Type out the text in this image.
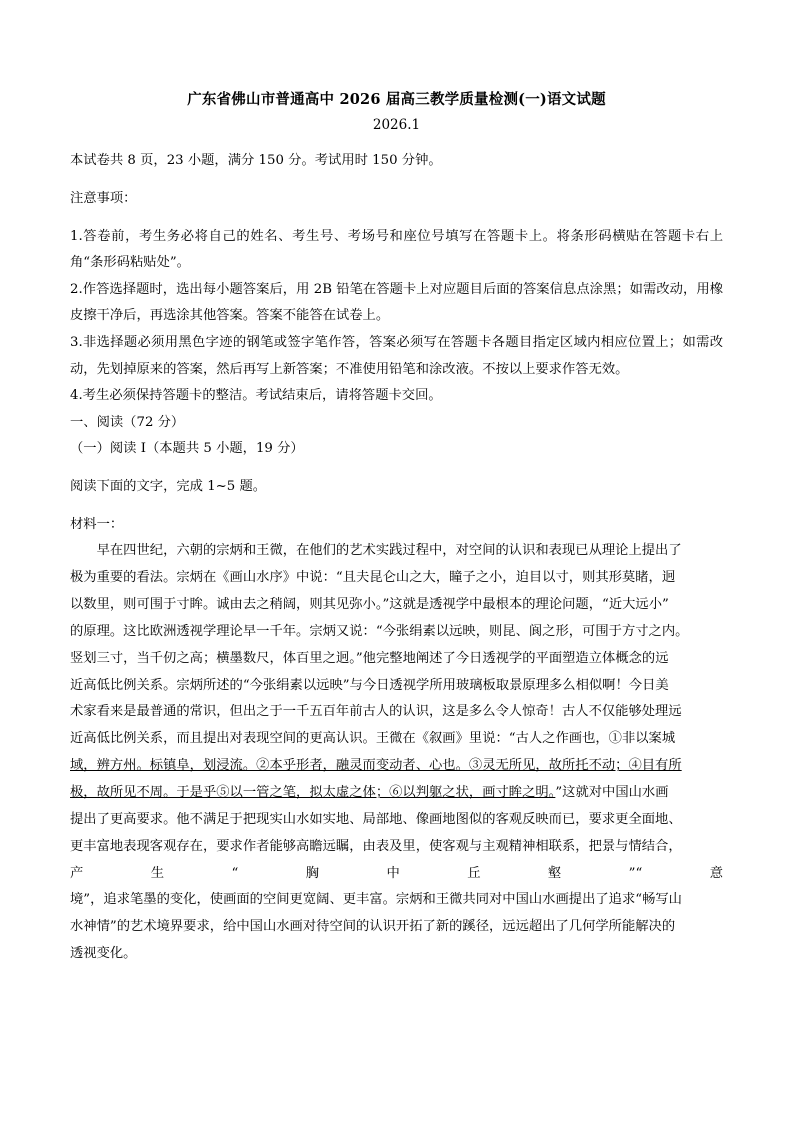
广东省佛山市普通高中 2026 届高三教学质量检测(一)语文试题
2026.1

本试卷共 8 页，23 小题，满分 150 分。考试用时 150 分钟。

注意事项：

1.答卷前，考生务必将自己的姓名、考生号、考场号和座位号填写在答题卡上。将条形码横贴在答题卡右上角“条形码粘贴处”。

2.作答选择题时，选出每小题答案后，用 2B 铅笔在答题卡上对应题目后面的答案信息点涂黑；如需改动，用橡皮擦干净后，再选涂其他答案。答案不能答在试卷上。

3.非选择题必须用黑色字迹的钢笔或签字笔作答，答案必须写在答题卡各题目指定区域内相应位置上；如需改动，先划掉原来的答案，然后再写上新答案；不准使用铅笔和涂改液。不按以上要求作答无效。

4.考生必须保持答题卡的整洁。考试结束后，请将答题卡交回。

一、阅读（72 分）

（一）阅读 I（本题共 5 小题，19 分）

阅读下面的文字，完成 1~5 题。

材料一：

早在四世纪，六朝的宗炳和王微，在他们的艺术实践过程中，对空间的认识和表现已从理论上提出了
极为重要的看法。宗炳在《画山水序》中说：“且夫昆仑山之大，瞳子之小，迫目以寸，则其形莫睹，迥
以数里，则可围于寸眸。诚由去之稍阔，则其见弥小。”这就是透视学中最根本的理论问题，“近大远小”
的原理。这比欧洲透视学理论早一千年。宗炳又说：“今张绢素以远映，则昆、阆之形，可围于方寸之内。
竖划三寸，当千仞之高；横墨数尺，体百里之迥。”他完整地阐述了今日透视学的平面塑造立体概念的远
近高低比例关系。宗炳所述的“今张绢素以远映”与今日透视学所用玻璃板取景原理多么相似啊！今日美
术家看来是最普通的常识，但出之于一千五百年前古人的认识，这是多么令人惊奇！古人不仅能够处理远
近高低比例关系，而且提出对表现空间的更高认识。王微在《叙画》里说：“古人之作画也，①非以案城
域，辨方州。标镇阜，划浸流。②本乎形者，融灵而变动者、心也。③灵无所见，故所托不动；④目有所
极，故所见不周。于是乎⑤以一管之笔，拟太虚之体；⑥以判躯之状，画寸眸之明。”这就对中国山水画
提出了更高要求。他不满足于把现实山水如实地、局部地、像画地图似的客观反映而已，要求更全面地、
更丰富地表现客观存在，要求作者能够高瞻远瞩，由表及里，使客观与主观精神相联系，把景与情结合，
产	生	“	胸	中	丘	壑	”“	意
境”，追求笔墨的变化，使画面的空间更宽阔、更丰富。宗炳和王微共同对中国山水画提出了追求“畅写山
水神情”的艺术境界要求，给中国山水画对待空间的认识开拓了新的蹊径，远远超出了几何学所能解决的
透视变化。
